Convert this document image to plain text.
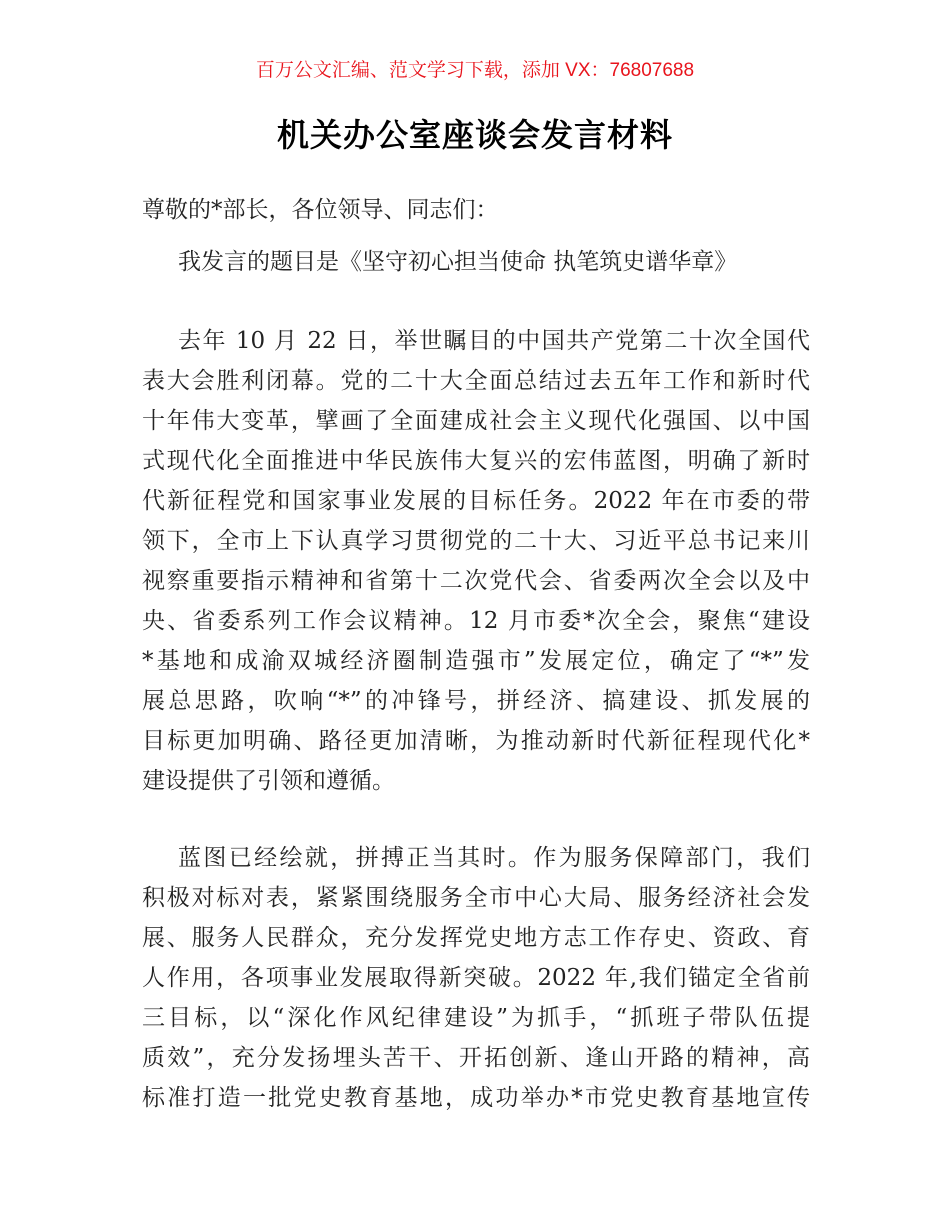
百万公文汇编、范文学习下载，添加 VX：76807688
机关办公室座谈会发言材料
尊敬的*部长，各位领导、同志们：
我发言的题目是《坚守初心担当使命 执笔筑史谱华章》
去年 10 月 22 日，举世瞩目的中国共产党第二十次全国代
表大会胜利闭幕。党的二十大全面总结过去五年工作和新时代
十年伟大变革，擘画了全面建成社会主义现代化强国、以中国
式现代化全面推进中华民族伟大复兴的宏伟蓝图，明确了新时
代新征程党和国家事业发展的目标任务。2022 年在市委的带
领下，全市上下认真学习贯彻党的二十大、习近平总书记来川
视察重要指示精神和省第十二次党代会、省委两次全会以及中
央、省委系列工作会议精神。12 月市委*次全会，聚焦“建设
*基地和成渝双城经济圈制造强市”发展定位，确定了“*”发
展总思路，吹响“*”的冲锋号，拼经济、搞建设、抓发展的
目标更加明确、路径更加清晰，为推动新时代新征程现代化*
建设提供了引领和遵循。
蓝图已经绘就，拼搏正当其时。作为服务保障部门，我们
积极对标对表，紧紧围绕服务全市中心大局、服务经济社会发
展、服务人民群众，充分发挥党史地方志工作存史、资政、育
人作用，各项事业发展取得新突破。2022 年,我们锚定全省前
三目标，以“深化作风纪律建设”为抓手，“抓班子带队伍提
质效”，充分发扬埋头苦干、开拓创新、逢山开路的精神，高
标准打造一批党史教育基地，成功举办*市党史教育基地宣传
